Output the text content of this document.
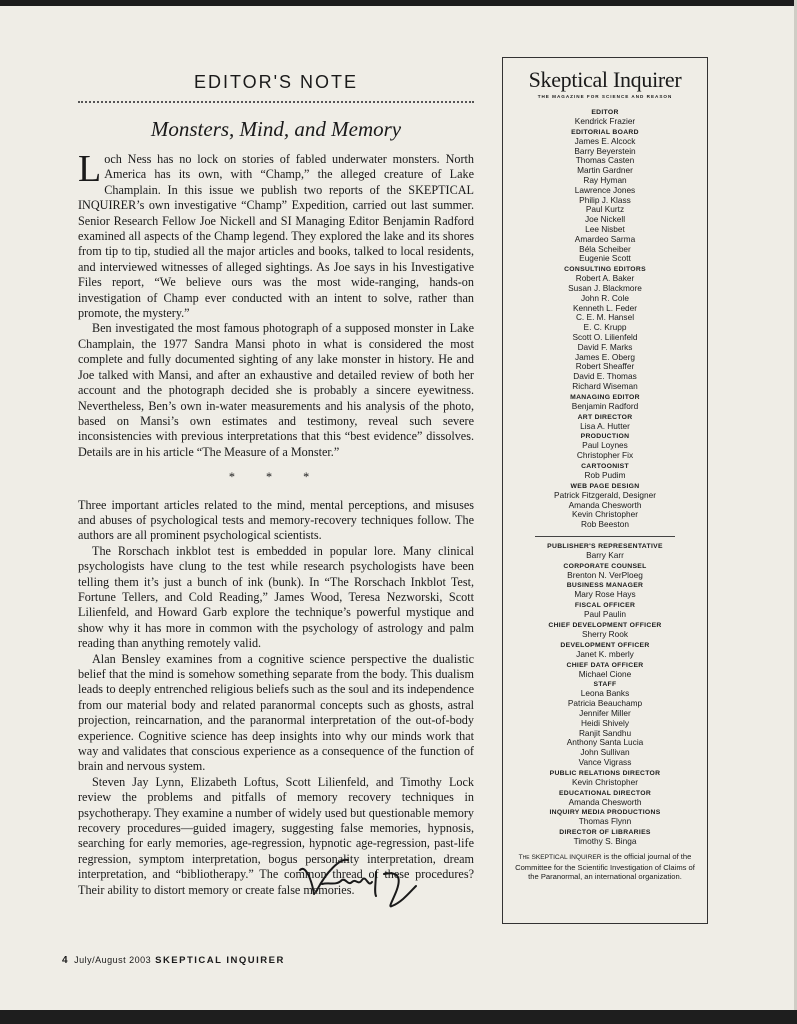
EDITOR'S NOTE
Monsters, Mind, and Memory

Loch Ness has no lock on stories of fabled underwater monsters. North America has its own, with “Champ,” the alleged creature of Lake Champlain. In this issue we publish two reports of the SKEPTICAL INQUIRER’s own investigative “Champ” Expedition, carried out last summer. Senior Research Fellow Joe Nickell and SI Managing Editor Benjamin Radford examined all aspects of the Champ legend. They explored the lake and its shores from tip to tip, studied all the major articles and books, talked to local residents, and interviewed witnesses of alleged sightings. As Joe says in his Investigative Files report, “We believe ours was the most wide-ranging, hands-on investigation of Champ ever conducted with an intent to solve, rather than promote, the mystery.”

Ben investigated the most famous photograph of a supposed monster in Lake Champlain, the 1977 Sandra Mansi photo in what is considered the most complete and fully documented sighting of any lake monster in history. He and Joe talked with Mansi, and after an exhaustive and detailed review of both her account and the photograph decided she is probably a sincere eyewitness. Nevertheless, Ben’s own in-water measurements and his analysis of the photo, based on Mansi’s own estimates and testimony, reveal such severe inconsistencies with previous interpretations that this “best evidence” dissolves. Details are in his article “The Measure of a Monster.”

* * *

Three important articles related to the mind, mental perceptions, and misuses and abuses of psychological tests and memory-recovery techniques follow. The authors are all prominent psychological scientists.

The Rorschach inkblot test is embedded in popular lore. Many clinical psychologists have clung to the test while research psychologists have been telling them it’s just a bunch of ink (bunk). In “The Rorschach Inkblot Test, Fortune Tellers, and Cold Reading,” James Wood, Teresa Nezworski, Scott Lilienfeld, and Howard Garb explore the technique’s powerful mystique and show why it has more in common with the psychology of astrology and palm reading than anything remotely valid.

Alan Bensley examines from a cognitive science perspective the dualistic belief that the mind is somehow something separate from the body. This dualism leads to deeply entrenched religious beliefs such as the soul and its independence from our material body and related paranormal concepts such as ghosts, astral projection, reincarnation, and the paranormal interpretation of the out-of-body experience. Cognitive science has deep insights into why our minds work that way and validates that conscious experience as a consequence of the function of brain and nervous system.

Steven Jay Lynn, Elizabeth Loftus, Scott Lilienfeld, and Timothy Lock review the problems and pitfalls of memory recovery techniques in psychotherapy. They examine a number of widely used but questionable memory recovery procedures—guided imagery, suggesting false memories, hypnosis, searching for early memories, age-regression, hypnotic age-regression, past-life regression, symptom interpretation, bogus personality interpretation, dream interpretation, and “bibliotherapy.” The common thread of these procedures? Their ability to distort memory or create false memories.

4 July/August 2003 SKEPTICAL INQUIRER
Skeptical Inquirer
THE MAGAZINE FOR SCIENCE AND REASON
EDITOR
Kendrick Frazier
EDITORIAL BOARD
James E. Alcock
Barry Beyerstein
Thomas Casten
Martin Gardner
Ray Hyman
Lawrence Jones
Philip J. Klass
Paul Kurtz
Joe Nickell
Lee Nisbet
Amardeo Sarma
Béla Scheiber
Eugenie Scott
CONSULTING EDITORS
Robert A. Baker
Susan J. Blackmore
John R. Cole
Kenneth L. Feder
C. E. M. Hansel
E. C. Krupp
Scott O. Lilienfeld
David F. Marks
James E. Oberg
Robert Sheaffer
David E. Thomas
Richard Wiseman
MANAGING EDITOR
Benjamin Radford
ART DIRECTOR
Lisa A. Hutter
PRODUCTION
Paul Loynes
Christopher Fix
CARTOONIST
Rob Pudim
WEB PAGE DESIGN
Patrick Fitzgerald, Designer
Amanda Chesworth
Kevin Christopher
Rob Beeston
PUBLISHER'S REPRESENTATIVE
Barry Karr
CORPORATE COUNSEL
Brenton N. VerPloeg
BUSINESS MANAGER
Mary Rose Hays
FISCAL OFFICER
Paul Paulin
CHIEF DEVELOPMENT OFFICER
Sherry Rook
DEVELOPMENT OFFICER
Janet K. mberly
CHIEF DATA OFFICER
Michael Cione
STAFF
Leona Banks
Patricia Beauchamp
Jennifer Miller
Heidi Shively
Ranjit Sandhu
Anthony Santa Lucia
John Sullivan
Vance Vigrass
PUBLIC RELATIONS DIRECTOR
Kevin Christopher
EDUCATIONAL DIRECTOR
Amanda Chesworth
INQUIRY MEDIA PRODUCTIONS
Thomas Flynn
DIRECTOR OF LIBRARIES
Timothy S. Binga
The SKEPTICAL INQUIRER is the official journal of the Committee for the Scientific Investigation of Claims of the Paranormal, an international organization.
